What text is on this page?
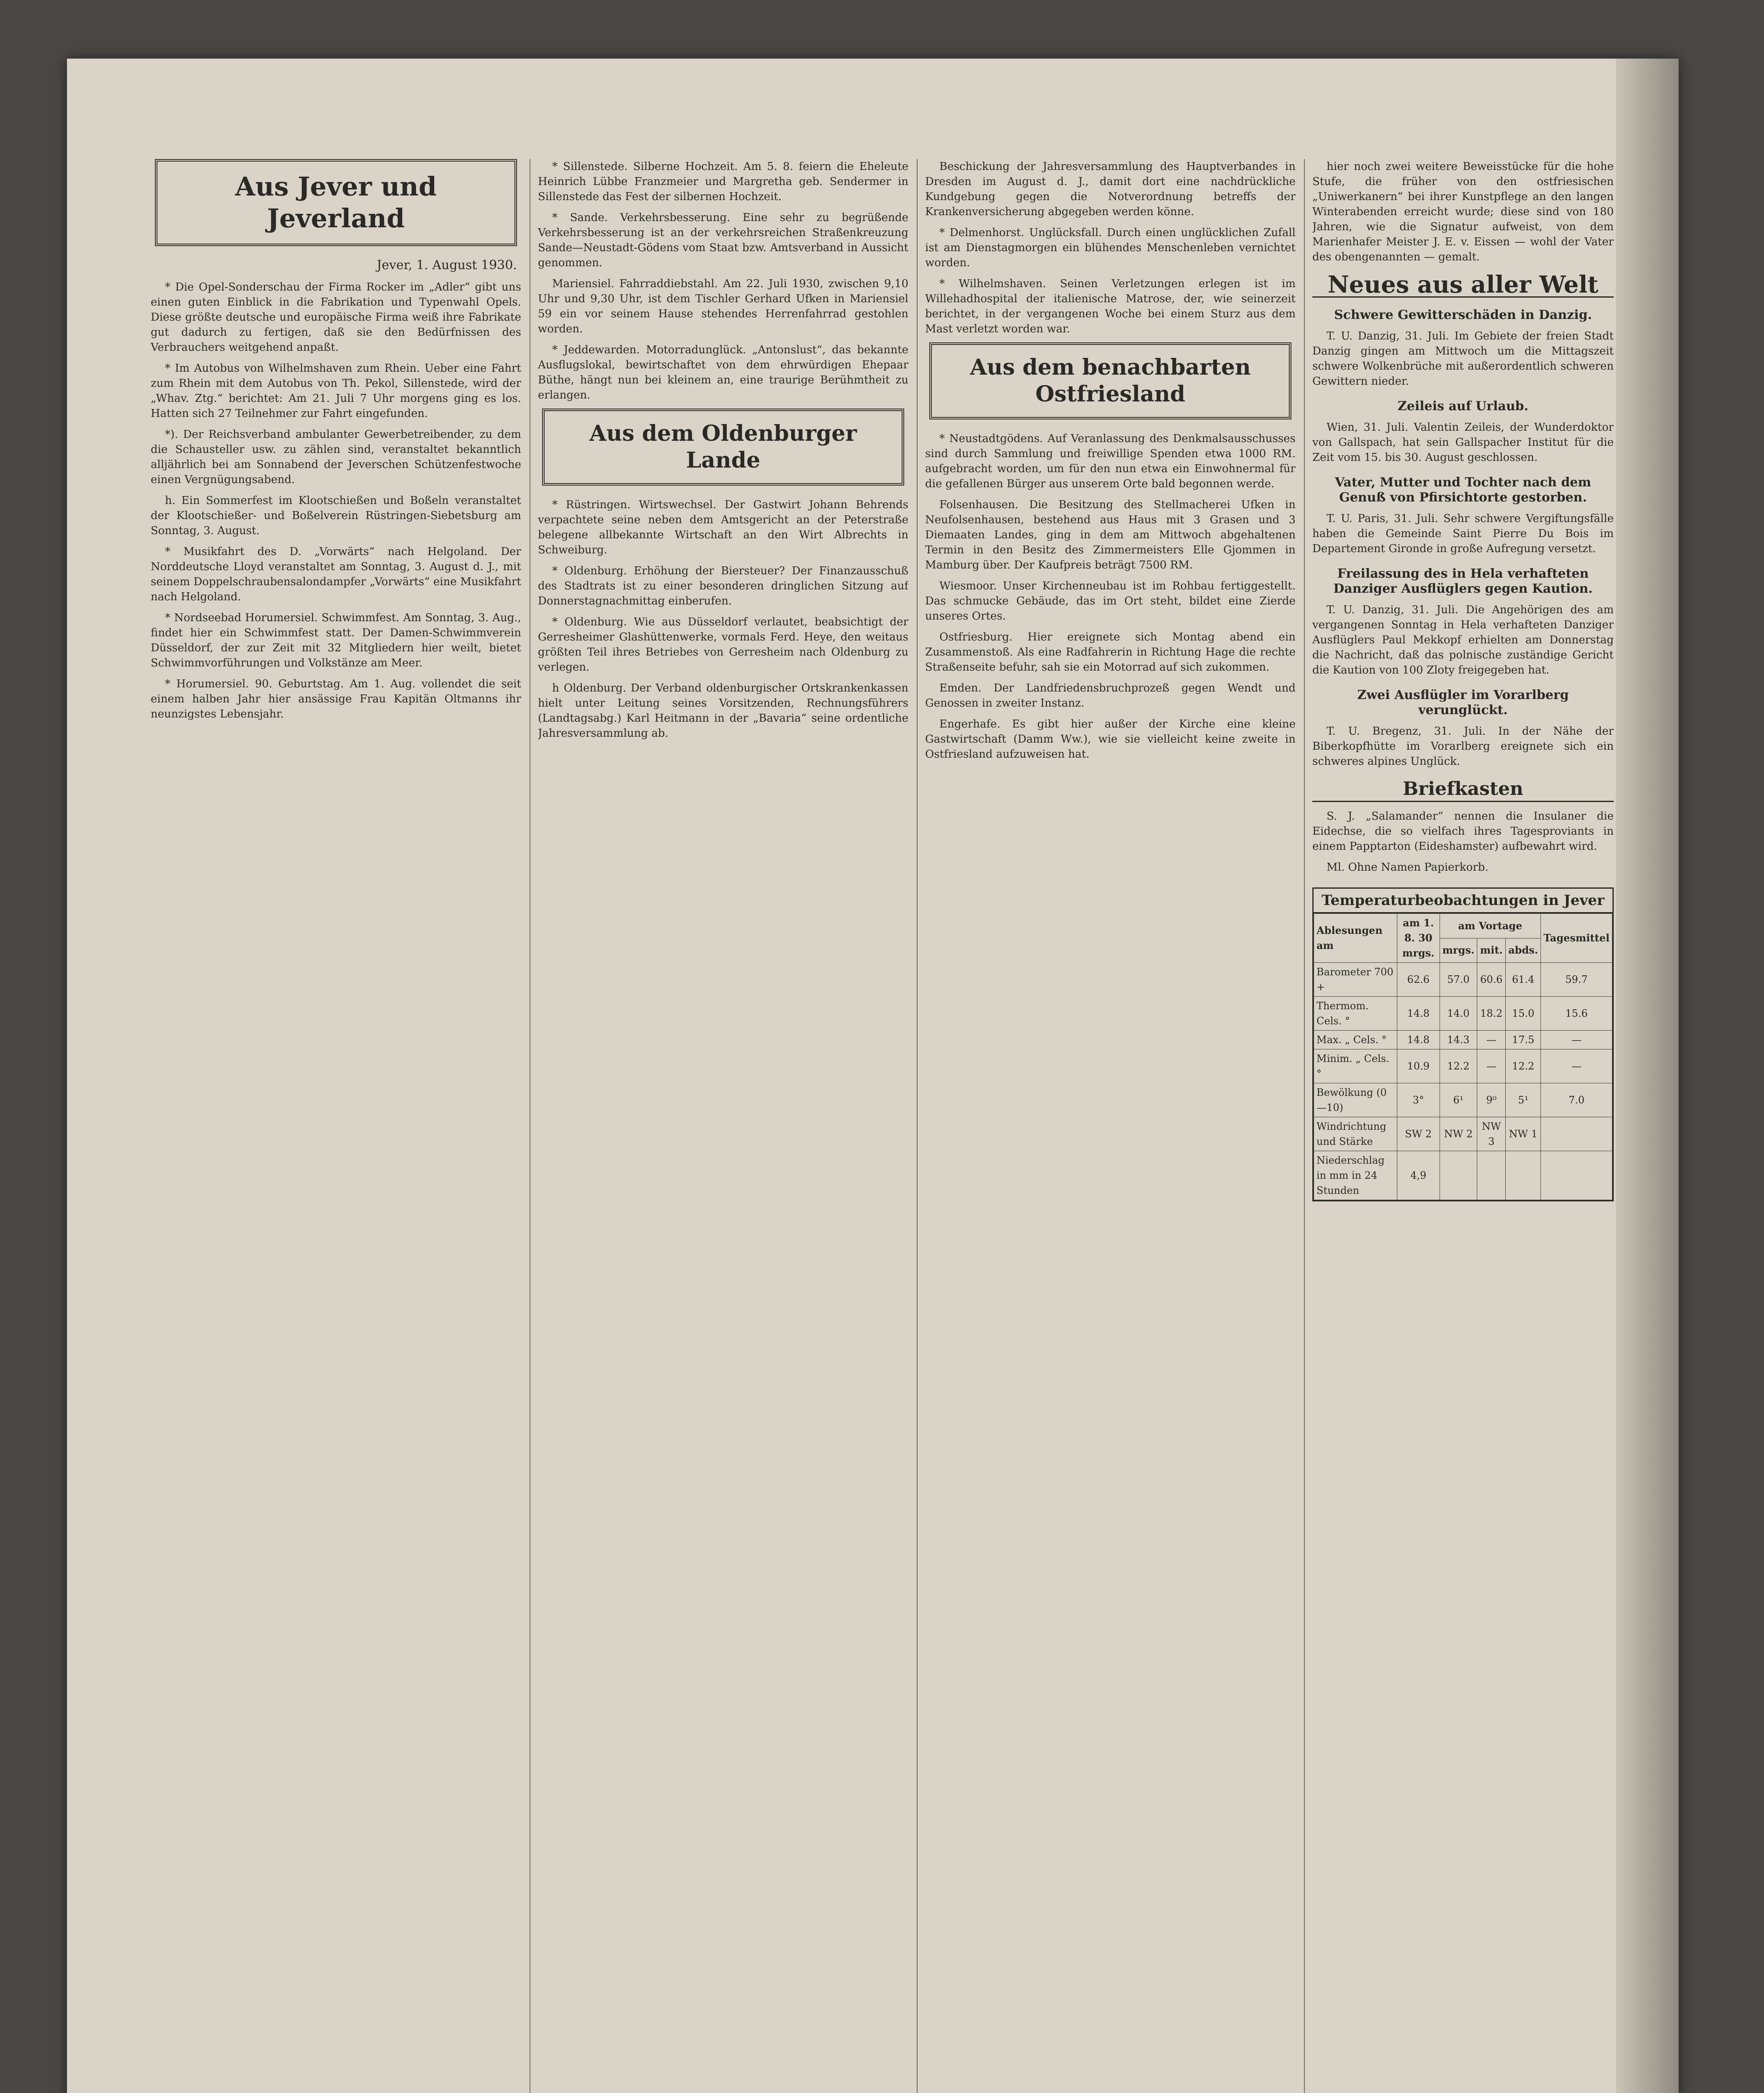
Aus Jever und Jeverland
Jever, 1. August 1930.

* Die Opel-Sonderschau der Firma Rocker im „Adler“ gibt uns einen guten Einblick in die Fabrikation und Typenwahl Opels. Diese größte deutsche und europäische Firma weiß ihre Fabrikate gut dadurch zu fertigen, daß sie den Bedürfnissen des Verbrauchers weitgehend anpaßt.

* Im Autobus von Wilhelmshaven zum Rhein. Ueber eine Fahrt zum Rhein mit dem Autobus von Th. Pekol, Sillenstede, wird der „Whav. Ztg.“ berichtet: Am 21. Juli 7 Uhr morgens ging es los. Hatten sich 27 Teilnehmer zur Fahrt eingefunden.

*). Der Reichsverband ambulanter Gewerbetreibender, zu dem die Schausteller usw. zu zählen sind, veranstaltet bekanntlich alljährlich bei am Sonnabend der Jeverschen Schützenfestwoche einen Vergnügungsabend.

h. Ein Sommerfest im Klootschießen und Boßeln veranstaltet der Klootschießer- und Boßelverein Rüstringen-Siebetsburg am Sonntag, 3. August.

* Musikfahrt des D. „Vorwärts“ nach Helgoland. Der Norddeutsche Lloyd veranstaltet am Sonntag, 3. August d. J., mit seinem Doppelschraubensalondampfer „Vorwärts“ eine Musikfahrt nach Helgoland.

* Nordseebad Horumersiel. Schwimmfest. Am Sonntag, 3. Aug., findet hier ein Schwimmfest statt. Der Damen-Schwimmverein Düsseldorf, der zur Zeit mit 32 Mitgliedern hier weilt, bietet Schwimmvorführungen und Volkstänze am Meer.

* Horumersiel. 90. Geburtstag. Am 1. Aug. vollendet die seit einem halben Jahr hier ansässige Frau Kapitän Oltmanns ihr neunzigstes Lebensjahr.

* Sillenstede. Silberne Hochzeit. Am 5. 8. feiern die Eheleute Heinrich Lübbe Franzmeier und Margretha geb. Sendermer in Sillenstede das Fest der silbernen Hochzeit.

* Sande. Verkehrsbesserung. Eine sehr zu begrüßende Verkehrsbesserung ist an der verkehrsreichen Straßenkreuzung Sande—Neustadt-Gödens vom Staat bzw. Amtsverband in Aussicht genommen.

Mariensiel. Fahrraddiebstahl. Am 22. Juli 1930, zwischen 9,10 Uhr und 9,30 Uhr, ist dem Tischler Gerhard Ufken in Mariensiel 59 ein vor seinem Hause stehendes Herrenfahrrad gestohlen worden.

* Jeddewarden. Motorradunglück. „Antonslust“, das bekannte Ausflugslokal, bewirtschaftet von dem ehrwürdigen Ehepaar Büthe, hängt nun bei kleinem an, eine traurige Berühmtheit zu erlangen.

Aus dem Oldenburger Lande

* Rüstringen. Wirtswechsel. Der Gastwirt Johann Behrends verpachtete seine neben dem Amtsgericht an der Peterstraße belegene allbekannte Wirtschaft an den Wirt Albrechts in Schweiburg.

* Oldenburg. Erhöhung der Biersteuer? Der Finanzausschuß des Stadtrats ist zu einer besonderen dringlichen Sitzung auf Donnerstagnachmittag einberufen.

* Oldenburg. Wie aus Düsseldorf verlautet, beabsichtigt der Gerresheimer Glashüttenwerke, vormals Ferd. Heye, den weitaus größten Teil ihres Betriebes von Gerresheim nach Oldenburg zu verlegen.

h Oldenburg. Der Verband oldenburgischer Ortskrankenkassen hielt unter Leitung seines Vorsitzenden, Rechnungsführers (Landtagsabg.) Karl Heitmann in der „Bavaria“ seine ordentliche Jahresversammlung ab.

Beschickung der Jahresversammlung des Hauptverbandes in Dresden im August d. J., damit dort eine nachdrückliche Kundgebung gegen die Notverordnung betreffs der Krankenversicherung abgegeben werden könne.

* Delmenhorst. Unglücksfall. Durch einen unglücklichen Zufall ist am Dienstagmorgen ein blühendes Menschenleben vernichtet worden.

* Wilhelmshaven. Seinen Verletzungen erlegen ist im Willehadhospital der italienische Matrose, der, wie seinerzeit berichtet, in der vergangenen Woche bei einem Sturz aus dem Mast verletzt worden war.

Aus dem benachbarten Ostfriesland

* Neustadtgödens. Auf Veranlassung des Denkmalsausschusses sind durch Sammlung und freiwillige Spenden etwa 1000 RM. aufgebracht worden, um für den nun etwa ein Einwohnermal für die gefallenen Bürger aus unserem Orte bald begonnen werde.

Folsenhausen. Die Besitzung des Stellmacherei Ufken in Neufolsenhausen, bestehend aus Haus mit 3 Grasen und 3 Diemaaten Landes, ging in dem am Mittwoch abgehaltenen Termin in den Besitz des Zimmermeisters Elle Gjommen in Mamburg über. Der Kaufpreis beträgt 7500 RM.

Wiesmoor. Unser Kirchenneubau ist im Rohbau fertiggestellt. Das schmucke Gebäude, das im Ort steht, bildet eine Zierde unseres Ortes.

Ostfriesburg. Hier ereignete sich Montag abend ein Zusammenstoß. Als eine Radfahrerin in Richtung Hage die rechte Straßenseite befuhr, sah sie ein Motorrad auf sich zukommen.

Emden. Der Landfriedensbruchprozeß gegen Wendt und Genossen in zweiter Instanz.

Engerhafe. Es gibt hier außer der Kirche eine kleine Gastwirtschaft (Damm Ww.), wie sie vielleicht keine zweite in Ostfriesland aufzuweisen hat.

hier noch zwei weitere Beweisstücke für die hohe Stufe, die früher von den ostfriesischen „Uniwerkanern“ bei ihrer Kunstpflege an den langen Winterabenden erreicht wurde; diese sind von 180 Jahren, wie die Signatur aufweist, von dem Marienhafer Meister J. E. v. Eissen — wohl der Vater des obengenannten — gemalt.

Neues aus aller Welt
Schwere Gewitterschäden in Danzig.

T. U. Danzig, 31. Juli. Im Gebiete der freien Stadt Danzig gingen am Mittwoch um die Mittagszeit schwere Wolkenbrüche mit außerordentlich schweren Gewittern nieder.

Zeileis auf Urlaub.

Wien, 31. Juli. Valentin Zeileis, der Wunderdoktor von Gallspach, hat sein Gallspacher Institut für die Zeit vom 15. bis 30. August geschlossen.

Vater, Mutter und Tochter nach dem Genuß von Pfirsichtorte gestorben.

T. U. Paris, 31. Juli. Sehr schwere Vergiftungsfälle haben die Gemeinde Saint Pierre Du Bois im Departement Gironde in große Aufregung versetzt.

Freilassung des in Hela verhafteten Danziger Ausflüglers gegen Kaution.

T. U. Danzig, 31. Juli. Die Angehörigen des am vergangenen Sonntag in Hela verhafteten Danziger Ausflüglers Paul Mekkopf erhielten am Donnerstag die Nachricht, daß das polnische zuständige Gericht die Kaution von 100 Zloty freigegeben hat.

Zwei Ausflügler im Vorarlberg verunglückt.

T. U. Bregenz, 31. Juli. In der Nähe der Biberkopfhütte im Vorarlberg ereignete sich ein schweres alpines Unglück.

Briefkasten

S. J. „Salamander“ nennen die Insulaner die Eidechse, die so vielfach ihres Tagesproviants in einem Papptarton (Eideshamster) aufbewahrt wird.

Ml. Ohne Namen Papierkorb.

Temperaturbeobachtungen in Jever
Ablesungen am	am 1. 8. 30 mrgs.	am Vortage			Tagesmittel
		mrgs.	mit.	abds.	
Barometer 700 +	62.6	57.0	60.6	61.4	59.7
Thermom. Cels. °	14.8	14.0	18.2	15.0	15.6
Max. „ Cels. °	14.8	14.3	—	17.5	—
Minim. „ Cels. °	10.9	12.2	—	12.2	—
Bewölkung (0—10)	3°	6¹	9⁰	5¹	7.0
Windrichtung und Stärke	SW 2	NW 2	NW 3	NW 1	
Niederschlag in mm in 24 Stunden	4,9				
